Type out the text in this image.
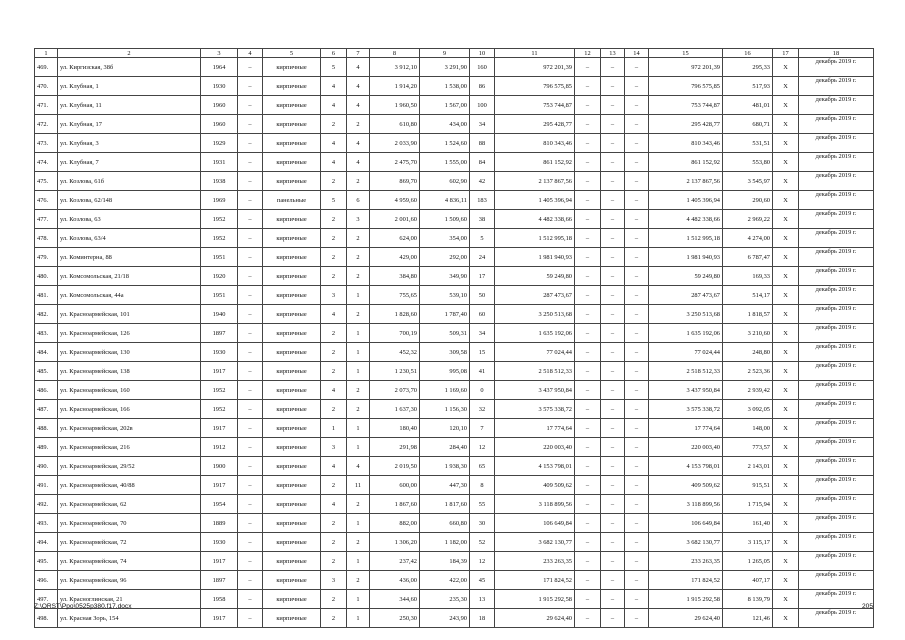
1	2	3	4	5	6	7	8	9	10	11	12	13	14	15	16	17	18
469.	ул. Киргизская, 38б	1964	–	кирпичные	5	4	3 912,10	3 291,90	160	972 201,39	–	–	–	972 201,39	295,33	X	декабрь 2019 г.
470.	ул. Клубная, 1	1930	–	кирпичные	4	4	1 914,20	1 538,00	86	796 575,85	–	–	–	796 575,85	517,93	X	декабрь 2019 г.
471.	ул. Клубная, 11	1960	–	кирпичные	4	4	1 960,50	1 567,00	100	753 744,87	–	–	–	753 744,87	481,01	X	декабрь 2019 г.
472.	ул. Клубная, 17	1960	–	кирпичные	2	2	610,80	434,00	34	295 428,77	–	–	–	295 428,77	680,71	X	декабрь 2019 г.
473.	ул. Клубная, 3	1929	–	кирпичные	4	4	2 033,90	1 524,60	88	810 343,46	–	–	–	810 343,46	531,51	X	декабрь 2019 г.
474.	ул. Клубная, 7	1931	–	кирпичные	4	4	2 475,70	1 555,00	84	861 152,92	–	–	–	861 152,92	553,80	X	декабрь 2019 г.
475.	ул. Козлова, 61б	1938	–	кирпичные	2	2	869,70	602,90	42	2 137 867,56	–	–	–	2 137 867,56	3 545,97	X	декабрь 2019 г.
476.	ул. Козлова, 62/148	1969	–	панельные	5	6	4 959,60	4 836,11	183	1 405 396,94	–	–	–	1 405 396,94	290,60	X	декабрь 2019 г.
477.	ул. Козлова, 63	1952	–	кирпичные	2	3	2 001,60	1 509,60	38	4 482 338,66	–	–	–	4 482 338,66	2 969,22	X	декабрь 2019 г.
478.	ул. Козлова, 63/4	1952	–	кирпичные	2	2	624,00	354,00	5	1 512 995,18	–	–	–	1 512 995,18	4 274,00	X	декабрь 2019 г.
479.	ул. Коминтерна, 88	1951	–	кирпичные	2	2	429,00	292,00	24	1 981 940,93	–	–	–	1 981 940,93	6 787,47	X	декабрь 2019 г.
480.	ул. Комсомольская, 21/18	1920	–	кирпичные	2	2	384,80	349,90	17	59 249,80	–	–	–	59 249,80	169,33	X	декабрь 2019 г.
481.	ул. Комсомольская, 44а	1951	–	кирпичные	3	1	755,65	539,10	50	287 473,67	–	–	–	287 473,67	514,17	X	декабрь 2019 г.
482.	ул. Красноармейская, 101	1940	–	кирпичные	4	2	1 828,60	1 787,40	60	3 250 513,68	–	–	–	3 250 513,68	1 818,57	X	декабрь 2019 г.
483.	ул. Красноармейская, 126	1897	–	кирпичные	2	1	700,19	509,31	34	1 635 192,06	–	–	–	1 635 192,06	3 210,60	X	декабрь 2019 г.
484.	ул. Красноармейская, 130	1930	–	кирпичные	2	1	452,32	309,58	15	77 024,44	–	–	–	77 024,44	248,80	X	декабрь 2019 г.
485.	ул. Красноармейская, 138	1917	–	кирпичные	2	1	1 230,51	995,08	41	2 518 512,33	–	–	–	2 518 512,33	2 523,36	X	декабрь 2019 г.
486.	ул. Красноармейская, 160	1952	–	кирпичные	4	2	2 073,70	1 169,60	0	3 437 950,84	–	–	–	3 437 950,84	2 939,42	X	декабрь 2019 г.
487.	ул. Красноармейская, 166	1952	–	кирпичные	2	2	1 637,30	1 156,30	32	3 575 338,72	–	–	–	3 575 338,72	3 092,05	X	декабрь 2019 г.
488.	ул. Красноармейская, 202в	1917	–	кирпичные	1	1	180,40	120,10	7	17 774,64	–	–	–	17 774,64	148,00	X	декабрь 2019 г.
489.	ул. Красноармейская, 216	1912	–	кирпичные	3	1	291,98	284,40	12	220 003,40	–	–	–	220 003,40	773,57	X	декабрь 2019 г.
490.	ул. Красноармейская, 29/52	1900	–	кирпичные	4	4	2 019,50	1 938,30	65	4 153 798,01	–	–	–	4 153 798,01	2 143,01	X	декабрь 2019 г.
491.	ул. Красноармейская, 40/88	1917	–	кирпичные	2	11	600,00	447,30	8	409 509,62	–	–	–	409 509,62	915,51	X	декабрь 2019 г.
492.	ул. Красноармейская, 62	1954	–	кирпичные	4	2	1 867,60	1 817,60	55	3 118 899,56	–	–	–	3 118 899,56	1 715,94	X	декабрь 2019 г.
493.	ул. Красноармейская, 70	1889	–	кирпичные	2	1	882,00	660,80	30	106 649,84	–	–	–	106 649,84	161,40	X	декабрь 2019 г.
494.	ул. Красноармейская, 72	1930	–	кирпичные	2	2	1 306,20	1 182,00	52	3 682 130,77	–	–	–	3 682 130,77	3 115,17	X	декабрь 2019 г.
495.	ул. Красноармейская, 74	1917	–	кирпичные	2	1	237,42	184,39	12	233 263,35	–	–	–	233 263,35	1 265,05	X	декабрь 2019 г.
496.	ул. Красноармейская, 96	1897	–	кирпичные	3	2	436,00	422,00	45	171 824,52	–	–	–	171 824,52	407,17	X	декабрь 2019 г.
497.	ул. Красноглинская, 21	1958	–	кирпичные	2	1	344,60	235,30	13	1 915 292,58	–	–	–	1 915 292,58	8 139,79	X	декабрь 2019 г.
498.	ул. Красная Зорь, 154	1917	–	кирпичные	2	1	250,30	243,90	18	29 624,40	–	–	–	29 624,40	121,46	X	декабрь 2019 г.
Z:\ORST\Ppo\0525p380.f17.docx	205
